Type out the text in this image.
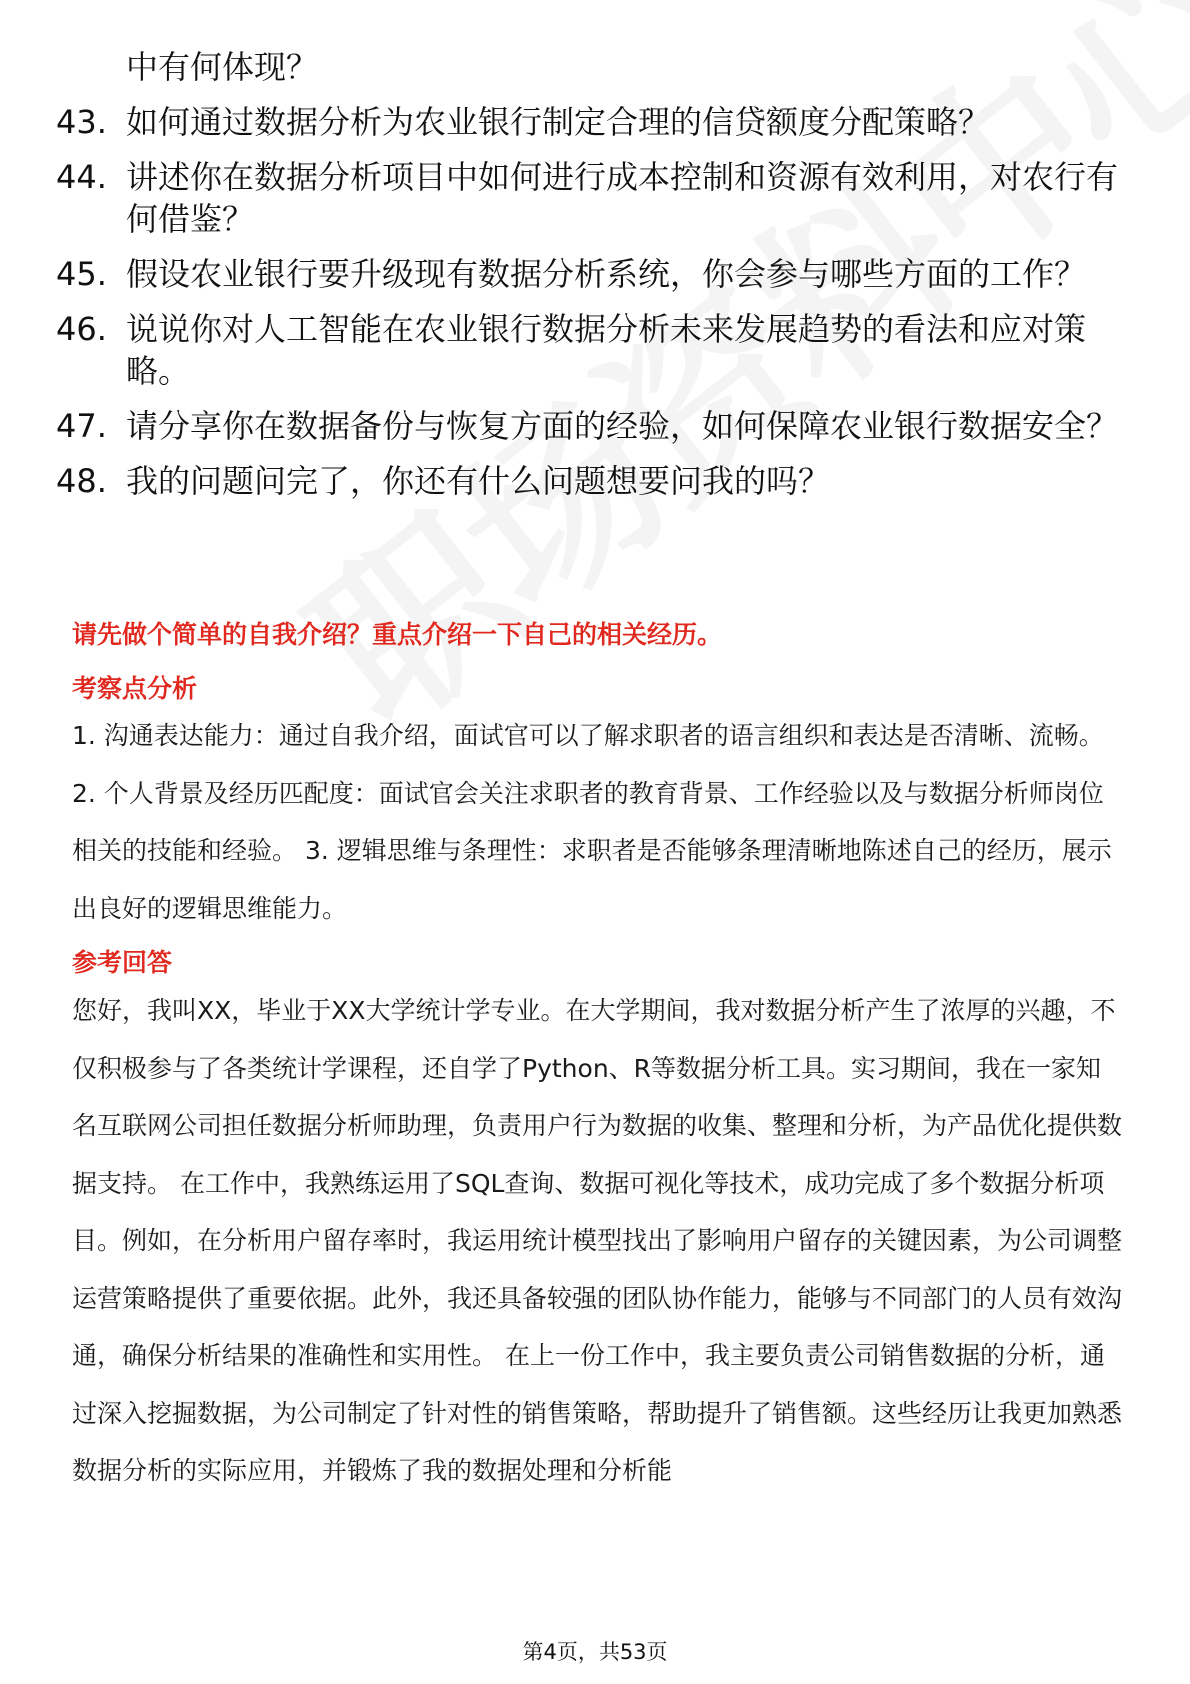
中有何体现？
43. 如何通过数据分析为农业银行制定合理的信贷额度分配策略？
44. 讲述你在数据分析项目中如何进行成本控制和资源有效利用，对农行有何借鉴？
45. 假设农业银行要升级现有数据分析系统，你会参与哪些方面的工作？
46. 说说你对人工智能在农业银行数据分析未来发展趋势的看法和应对策略。
47. 请分享你在数据备份与恢复方面的经验，如何保障农业银行数据安全？
48. 我的问题问完了，你还有什么问题想要问我的吗？
请先做个简单的自我介绍？重点介绍一下自己的相关经历。
考察点分析
1. 沟通表达能力：通过自我介绍，面试官可以了解求职者的语言组织和表达是否清晰、流畅。 2. 个人背景及经历匹配度：面试官会关注求职者的教育背景、工作经验以及与数据分析师岗位相关的技能和经验。 3. 逻辑思维与条理性：求职者是否能够条理清晰地陈述自己的经历，展示出良好的逻辑思维能力。
参考回答
您好，我叫XX，毕业于XX大学统计学专业。在大学期间，我对数据分析产生了浓厚的兴趣，不仅积极参与了各类统计学课程，还自学了Python、R等数据分析工具。实习期间，我在一家知名互联网公司担任数据分析师助理，负责用户行为数据的收集、整理和分析，为产品优化提供数据支持。 在工作中，我熟练运用了SQL查询、数据可视化等技术，成功完成了多个数据分析项目。例如，在分析用户留存率时，我运用统计模型找出了影响用户留存的关键因素，为公司调整运营策略提供了重要依据。此外，我还具备较强的团队协作能力，能够与不同部门的人员有效沟通，确保分析结果的准确性和实用性。 在上一份工作中，我主要负责公司销售数据的分析，通过深入挖掘数据，为公司制定了针对性的销售策略，帮助提升了销售额。这些经历让我更加熟悉数据分析的实际应用，并锻炼了我的数据处理和分析能
第4页，共53页
